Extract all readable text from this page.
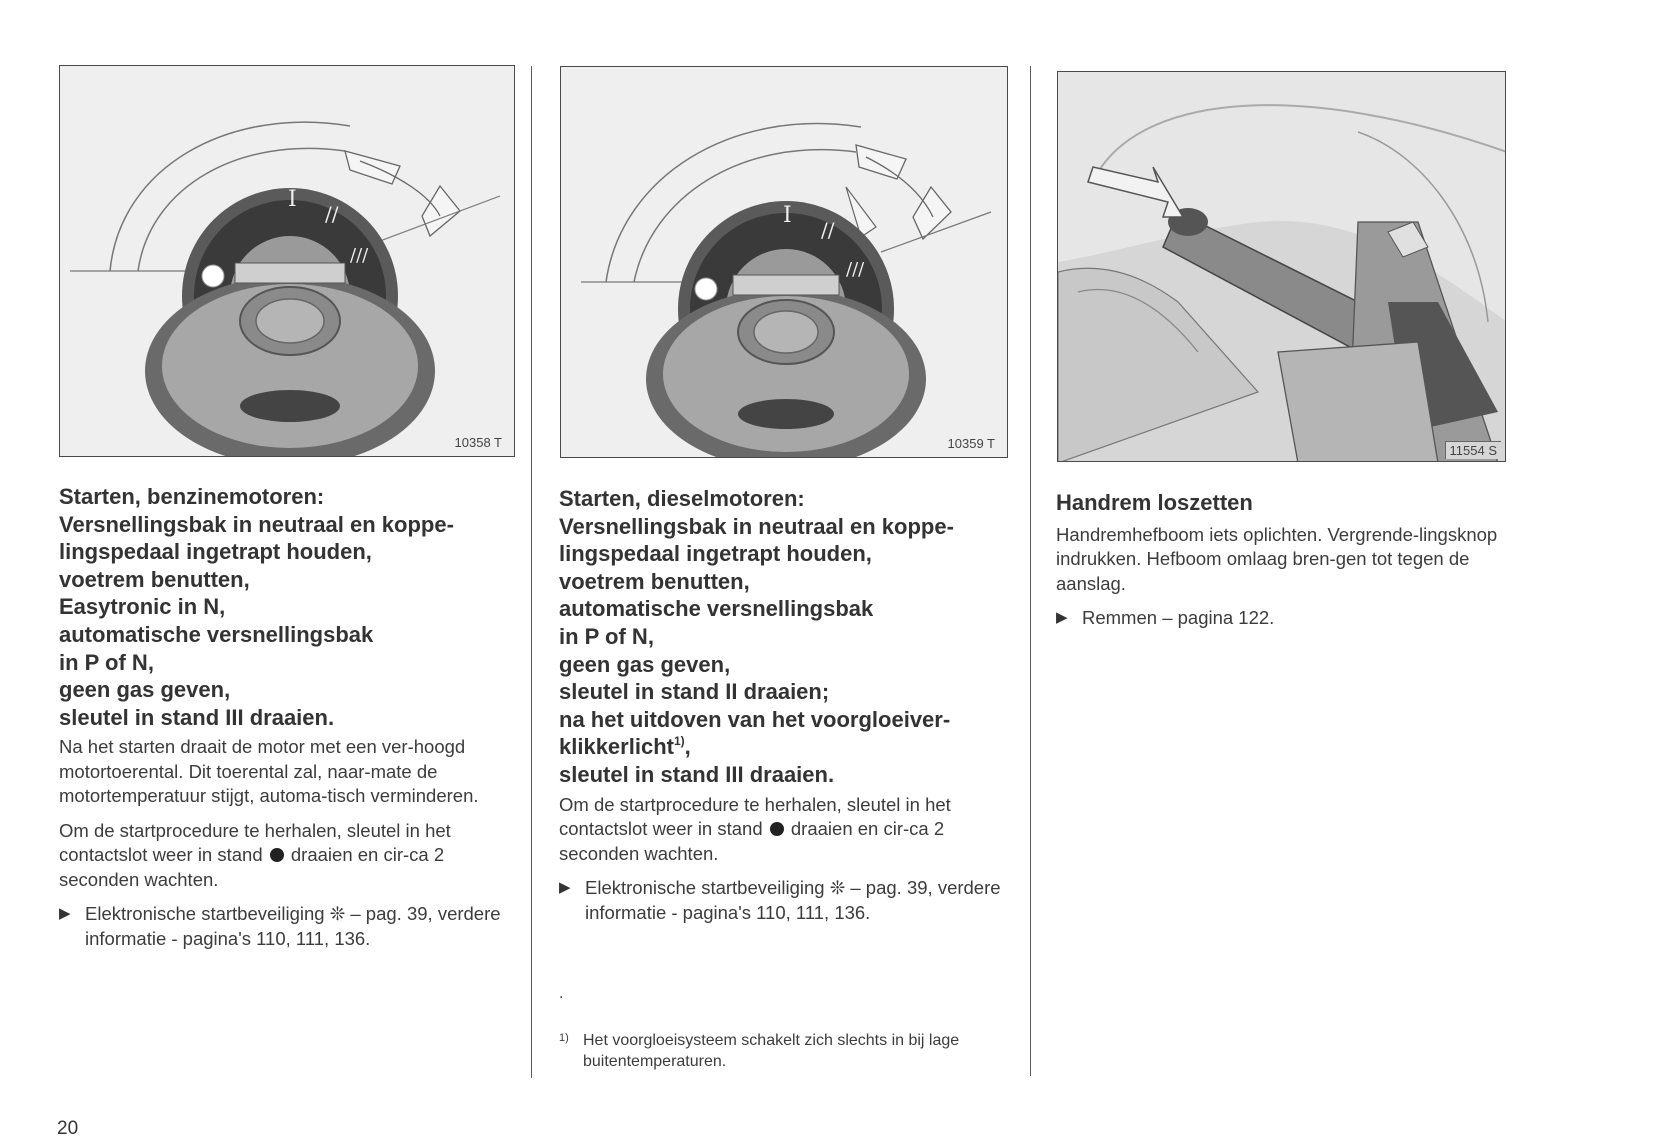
I
//
///
10358 T
Starten, benzinemotoren:
Versnellingsbak in neutraal en koppe-
lingspedaal ingetrapt houden,
voetrem benutten,
Easytronic in N,
automatische versnellingsbak
in P of N,
geen gas geven,
sleutel in stand III draaien.

Na het starten draait de motor met een ver-hoogd motortoerental. Dit toerental zal, naar-mate de motortemperatuur stijgt, automa-tisch verminderen.

Om de startprocedure te herhalen, sleutel in het contactslot weer in stand draaien en cir-ca 2 seconden wachten.

▶ Elektronische startbeveiliging ❊ – pag. 39, verdere informatie - pagina's 110, 111, 136.
I
//
///
10359 T
Starten, dieselmotoren:
Versnellingsbak in neutraal en koppe-
lingspedaal ingetrapt houden,
voetrem benutten,
automatische versnellingsbak
in P of N,
geen gas geven,
sleutel in stand II draaien;
na het uitdoven van het voorgloeiver-
klikkerlicht$^{1)}$,
sleutel in stand III draaien.

Om de startprocedure te herhalen, sleutel in het contactslot weer in stand draaien en cir-ca 2 seconden wachten.

▶ Elektronische startbeveiliging ❊ – pag. 39, verdere informatie - pagina's 110, 111, 136.
.
1) Het voorgloeisysteem schakelt zich slechts in bij lage buitentemperaturen.
11554 S
Handrem loszetten

Handremhefboom iets oplichten. Vergrende-lingsknop indrukken. Hefboom omlaag bren-gen tot tegen de aanslag.

▶ Remmen – pagina 122.
20
